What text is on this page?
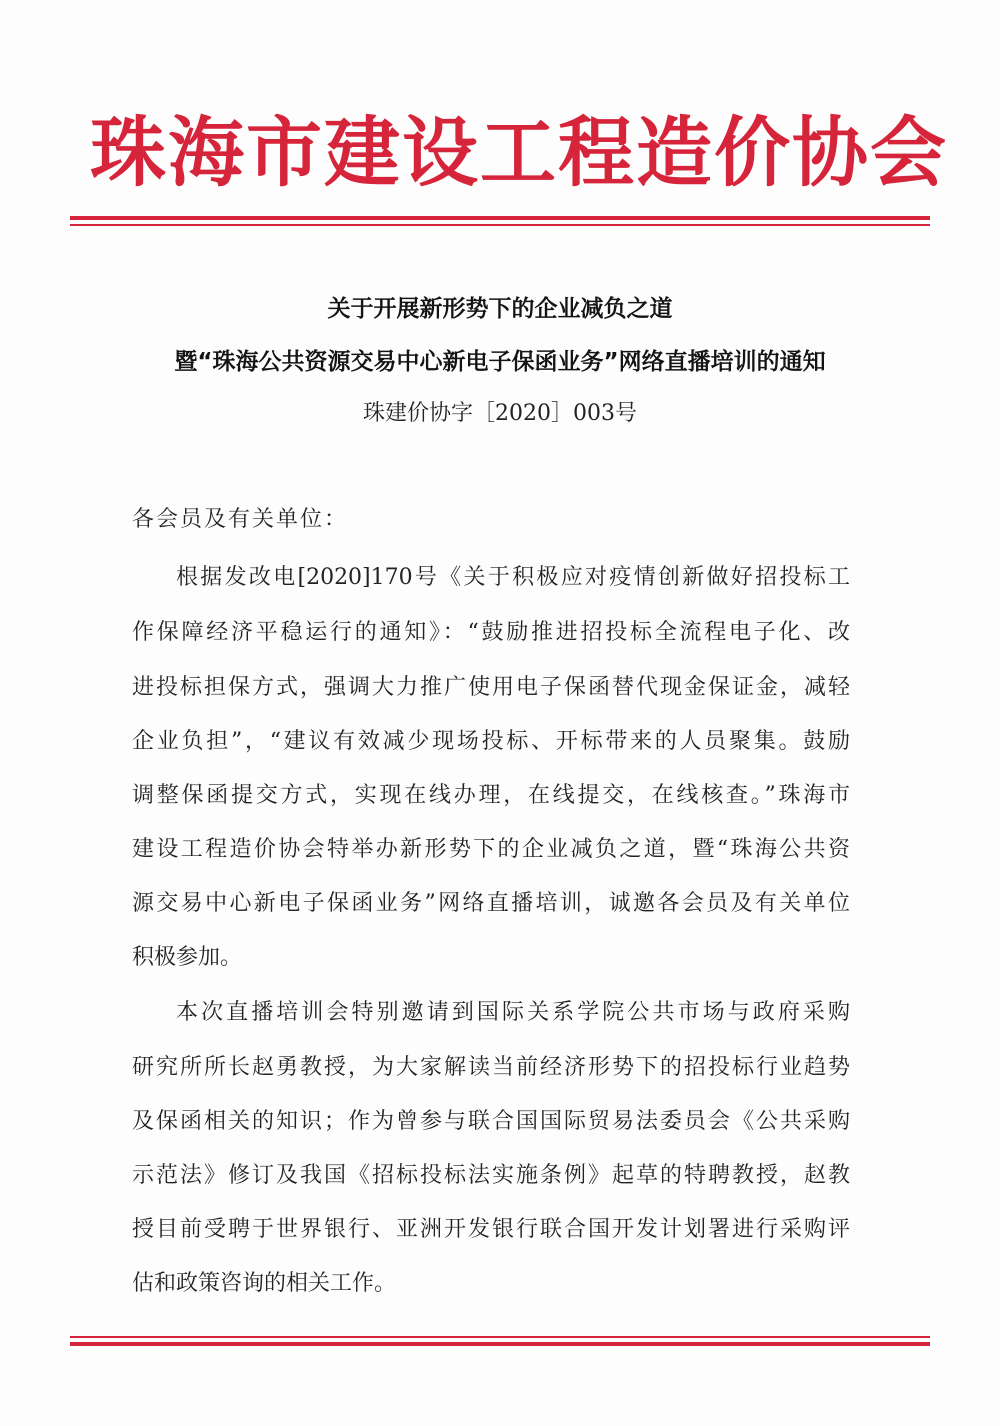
珠海市建设工程造价协会
关于开展新形势下的企业减负之道
暨“珠海公共资源交易中心新电子保函业务”网络直播培训的通知
珠建价协字［2020］003号
各会员及有关单位：
根据发改电[2020]170号《关于积极应对疫情创新做好招投标工
作保障经济平稳运行的通知》：“鼓励推进招投标全流程电子化、改
进投标担保方式，强调大力推广使用电子保函替代现金保证金，减轻
企业负担”，“建议有效减少现场投标、开标带来的人员聚集。鼓励
调整保函提交方式，实现在线办理，在线提交，在线核查。”珠海市
建设工程造价协会特举办新形势下的企业减负之道，暨“珠海公共资
源交易中心新电子保函业务”网络直播培训，诚邀各会员及有关单位
积极参加。
本次直播培训会特别邀请到国际关系学院公共市场与政府采购
研究所所长赵勇教授，为大家解读当前经济形势下的招投标行业趋势
及保函相关的知识；作为曾参与联合国国际贸易法委员会《公共采购
示范法》修订及我国《招标投标法实施条例》起草的特聘教授，赵教
授目前受聘于世界银行、亚洲开发银行联合国开发计划署进行采购评
估和政策咨询的相关工作。
